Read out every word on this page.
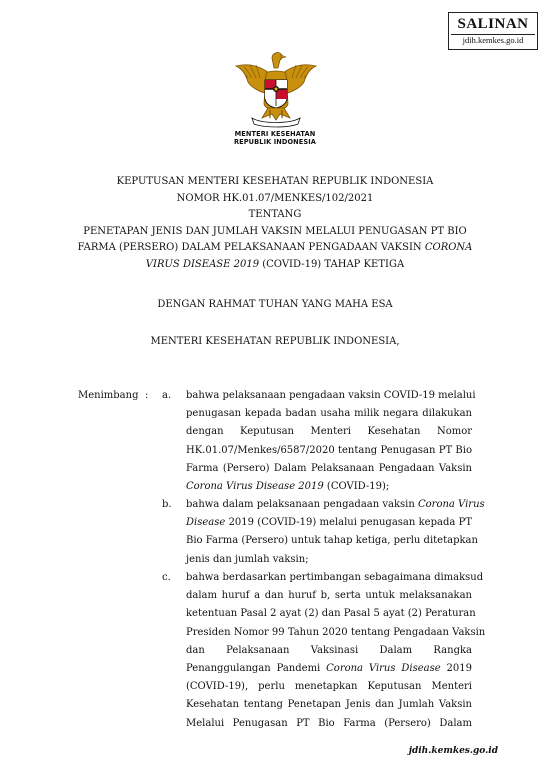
SALINAN
jdih.kemkes.go.id
MENTERI KESEHATAN
REPUBLIK INDONESIA

KEPUTUSAN MENTERI KESEHATAN REPUBLIK INDONESIA

NOMOR HK.01.07/MENKES/102/2021

TENTANG

PENETAPAN JENIS DAN JUMLAH VAKSIN MELALUI PENUGASAN PT BIO

FARMA (PERSERO) DALAM PELAKSANAAN PENGADAAN VAKSIN CORONA

VIRUS DISEASE 2019 (COVID-19) TAHAP KETIGA

DENGAN RAHMAT TUHAN YANG MAHA ESA
MENTERI KESEHATAN REPUBLIK INDONESIA,
Menimbang : a. bahwa pelaksanaan pengadaan vaksin COVID-19 melalui
penugasan kepada badan usaha milik negara dilakukan
dengan Keputusan Menteri Kesehatan Nomor
HK.01.07/Menkes/6587/2020 tentang Penugasan PT Bio
Farma (Persero) Dalam Pelaksanaan Pengadaan Vaksin
Corona Virus Disease 2019 (COVID-19);
b. bahwa dalam pelaksanaan pengadaan vaksin Corona Virus
Disease 2019 (COVID-19) melalui penugasan kepada PT
Bio Farma (Persero) untuk tahap ketiga, perlu ditetapkan
jenis dan jumlah vaksin;
c. bahwa berdasarkan pertimbangan sebagaimana dimaksud
dalam huruf a dan huruf b, serta untuk melaksanakan
ketentuan Pasal 2 ayat (2) dan Pasal 5 ayat (2) Peraturan
Presiden Nomor 99 Tahun 2020 tentang Pengadaan Vaksin
dan Pelaksanaan Vaksinasi Dalam Rangka
Penanggulangan Pandemi Corona Virus Disease 2019
(COVID-19), perlu menetapkan Keputusan Menteri
Kesehatan tentang Penetapan Jenis dan Jumlah Vaksin
Melalui Penugasan PT Bio Farma (Persero) Dalam
jdih.kemkes.go.id
